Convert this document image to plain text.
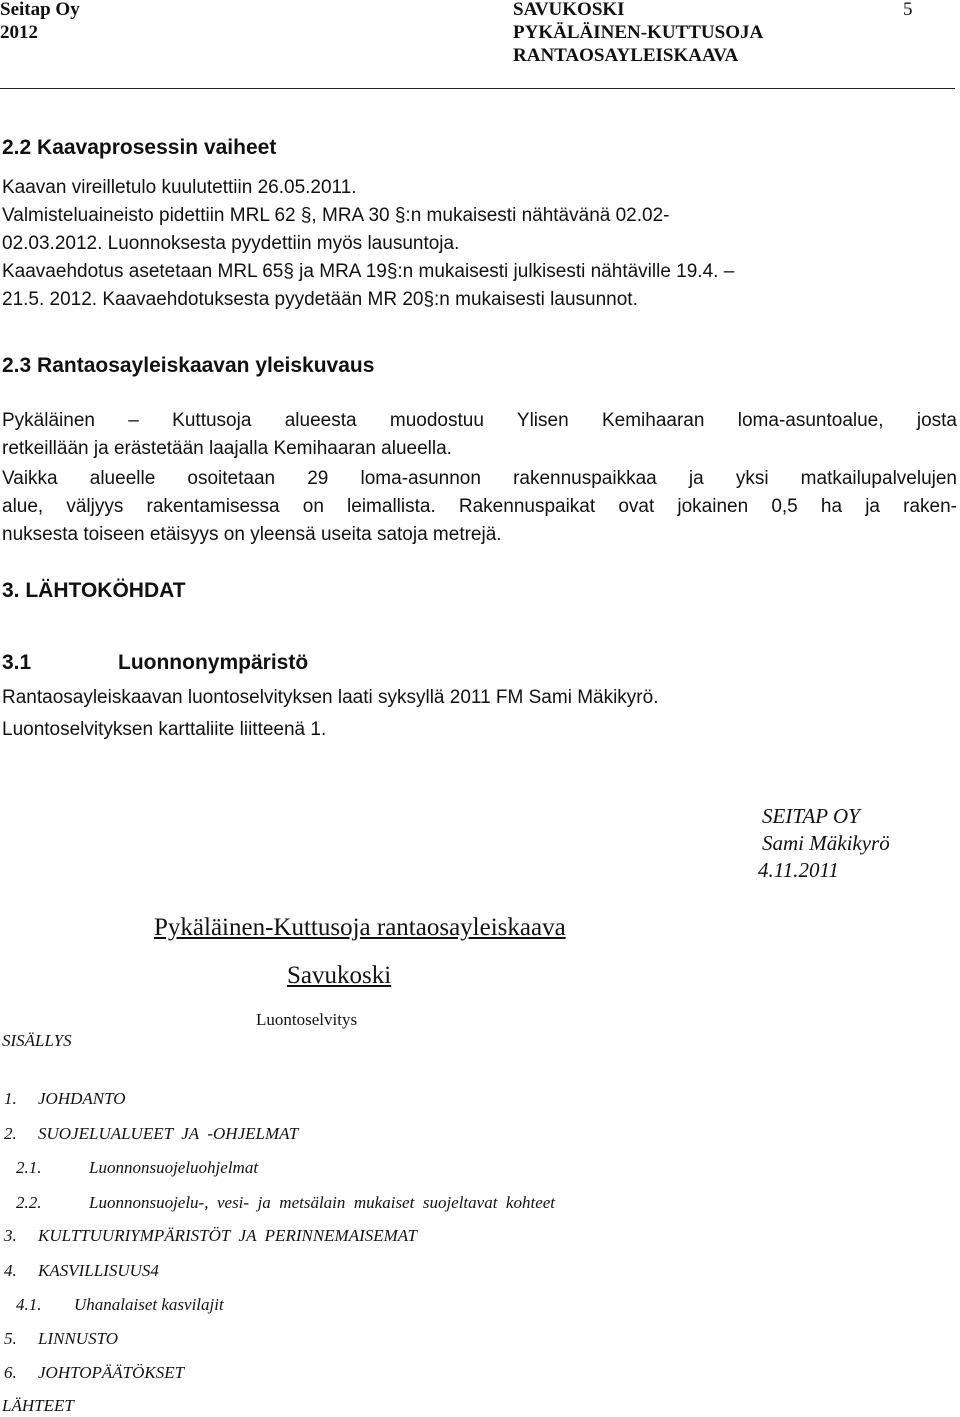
Seitap Oy
2012
SAVUKOSKI
PYKÄLÄINEN-KUTTUSOJA
RANTAOSAYLEISKAAVA
5
2.2 Kaavaprosessin vaiheet
Kaavan vireilletulo kuulutettiin 26.05.2011.
Valmisteluaineisto pidettiin MRL 62 §, MRA 30 §:n mukaisesti nähtävänä 02.02-
02.03.2012. Luonnoksesta pyydettiin myös lausuntoja.
Kaavaehdotus asetetaan MRL 65§ ja MRA 19§:n mukaisesti julkisesti nähtäville 19.4. –
21.5. 2012. Kaavaehdotuksesta pyydetään MR 20§:n mukaisesti lausunnot.
2.3 Rantaosayleiskaavan yleiskuvaus
Pykäläinen – Kuttusoja alueesta muodostuu Ylisen Kemihaaran loma-asuntoalue, josta
retkeillään ja erästetään laajalla Kemihaaran alueella.
Vaikka alueelle osoitetaan 29 loma-asunnon rakennuspaikkaa ja yksi matkailupalvelujen
alue, väljyys rakentamisessa on leimallista. Rakennuspaikat ovat jokainen 0,5 ha ja raken-
nuksesta toiseen etäisyys on yleensä useita satoja metrejä.
3. LÄHTOKÖHDAT
3.1	Luonnonympäristö
Rantaosayleiskaavan luontoselvityksen laati syksyllä 2011 FM Sami Mäkikyrö.
Luontoselvityksen karttaliite liitteenä 1.
SEITAP OY
Sami Mäkikyrö
4.11.2011
Pykäläinen-Kuttusoja rantaosayleiskaava
Savukoski
Luontoselvitys
SISÄLLYS
1. JOHDANTO
2. SUOJELUALUEET  JA  -OHJELMAT
2.1.	Luonnonsuojeluohjelmat
2.2.	Luonnonsuojelu-,  vesi-  ja  metsälain  mukaiset  suojeltavat  kohteet
3. KULTTUURIYMPÄRISTÖT  JA  PERINNEMAISEMAT
4. KASVILLISUUS4
4.1. Uhanalaiset kasvilajit
5. LINNUSTO
6. JOHTOPÄÄTÖKSET
LÄHTEET
